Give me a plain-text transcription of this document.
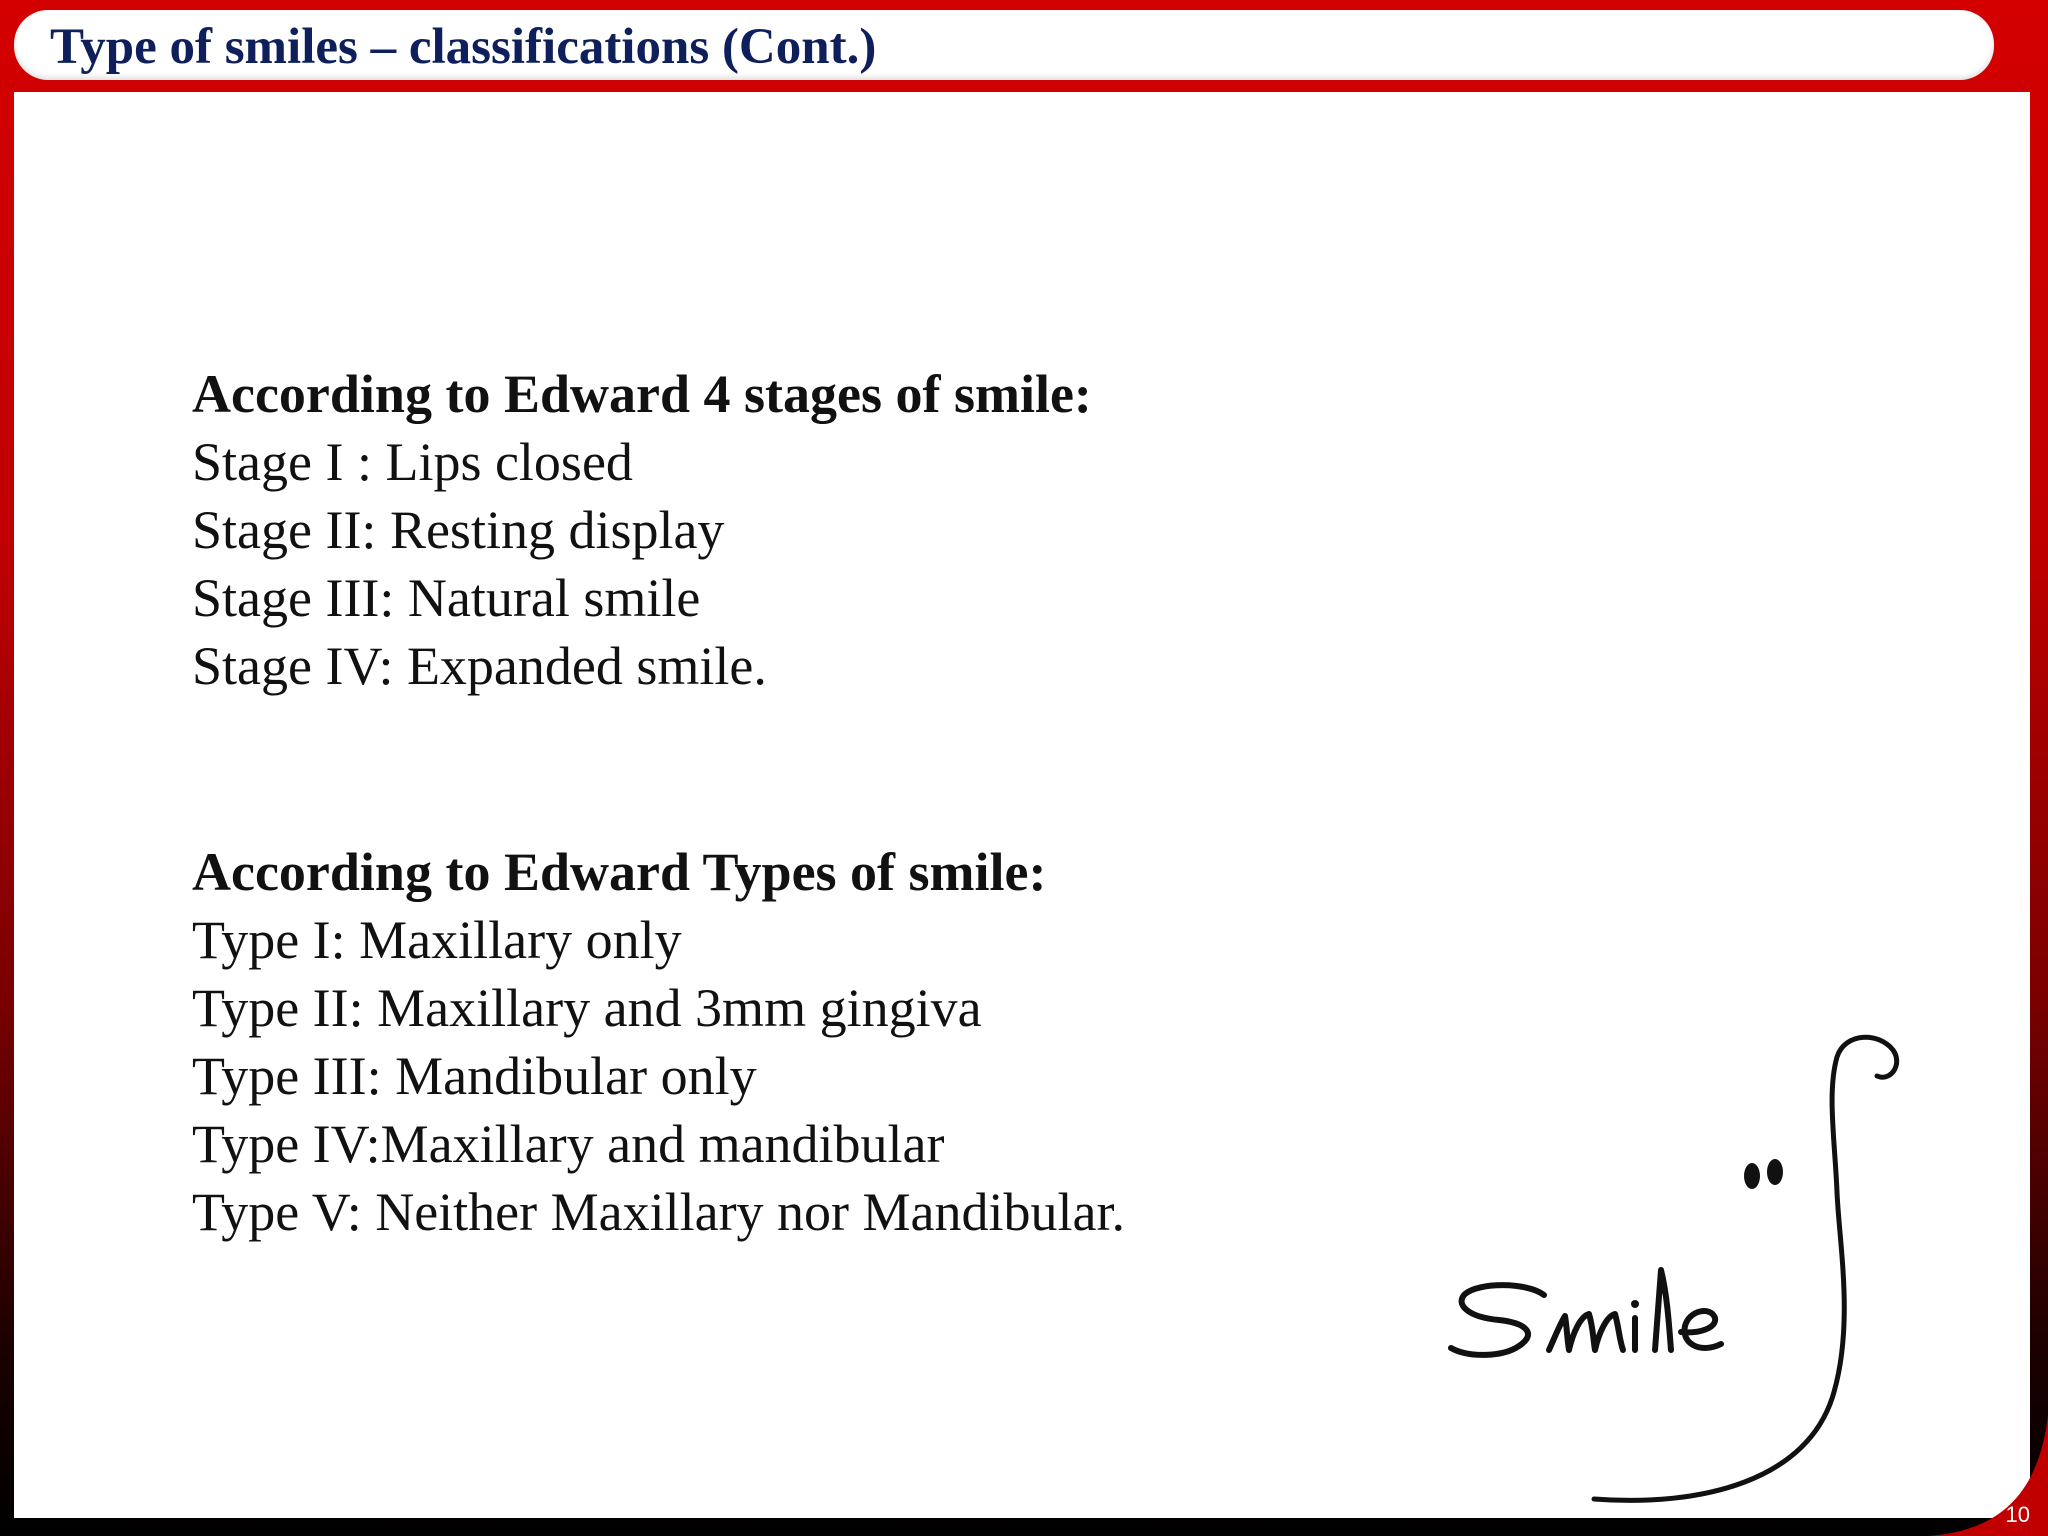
Type of smiles – classifications (Cont.)
According to Edward 4 stages of smile:
Stage I : Lips closed
Stage II: Resting display
Stage III: Natural smile
Stage IV: Expanded smile.
According to Edward Types of smile:
Type I: Maxillary only
Type II: Maxillary and 3mm gingiva
Type III: Mandibular only
Type IV:Maxillary and mandibular
Type V: Neither Maxillary nor Mandibular.
10
